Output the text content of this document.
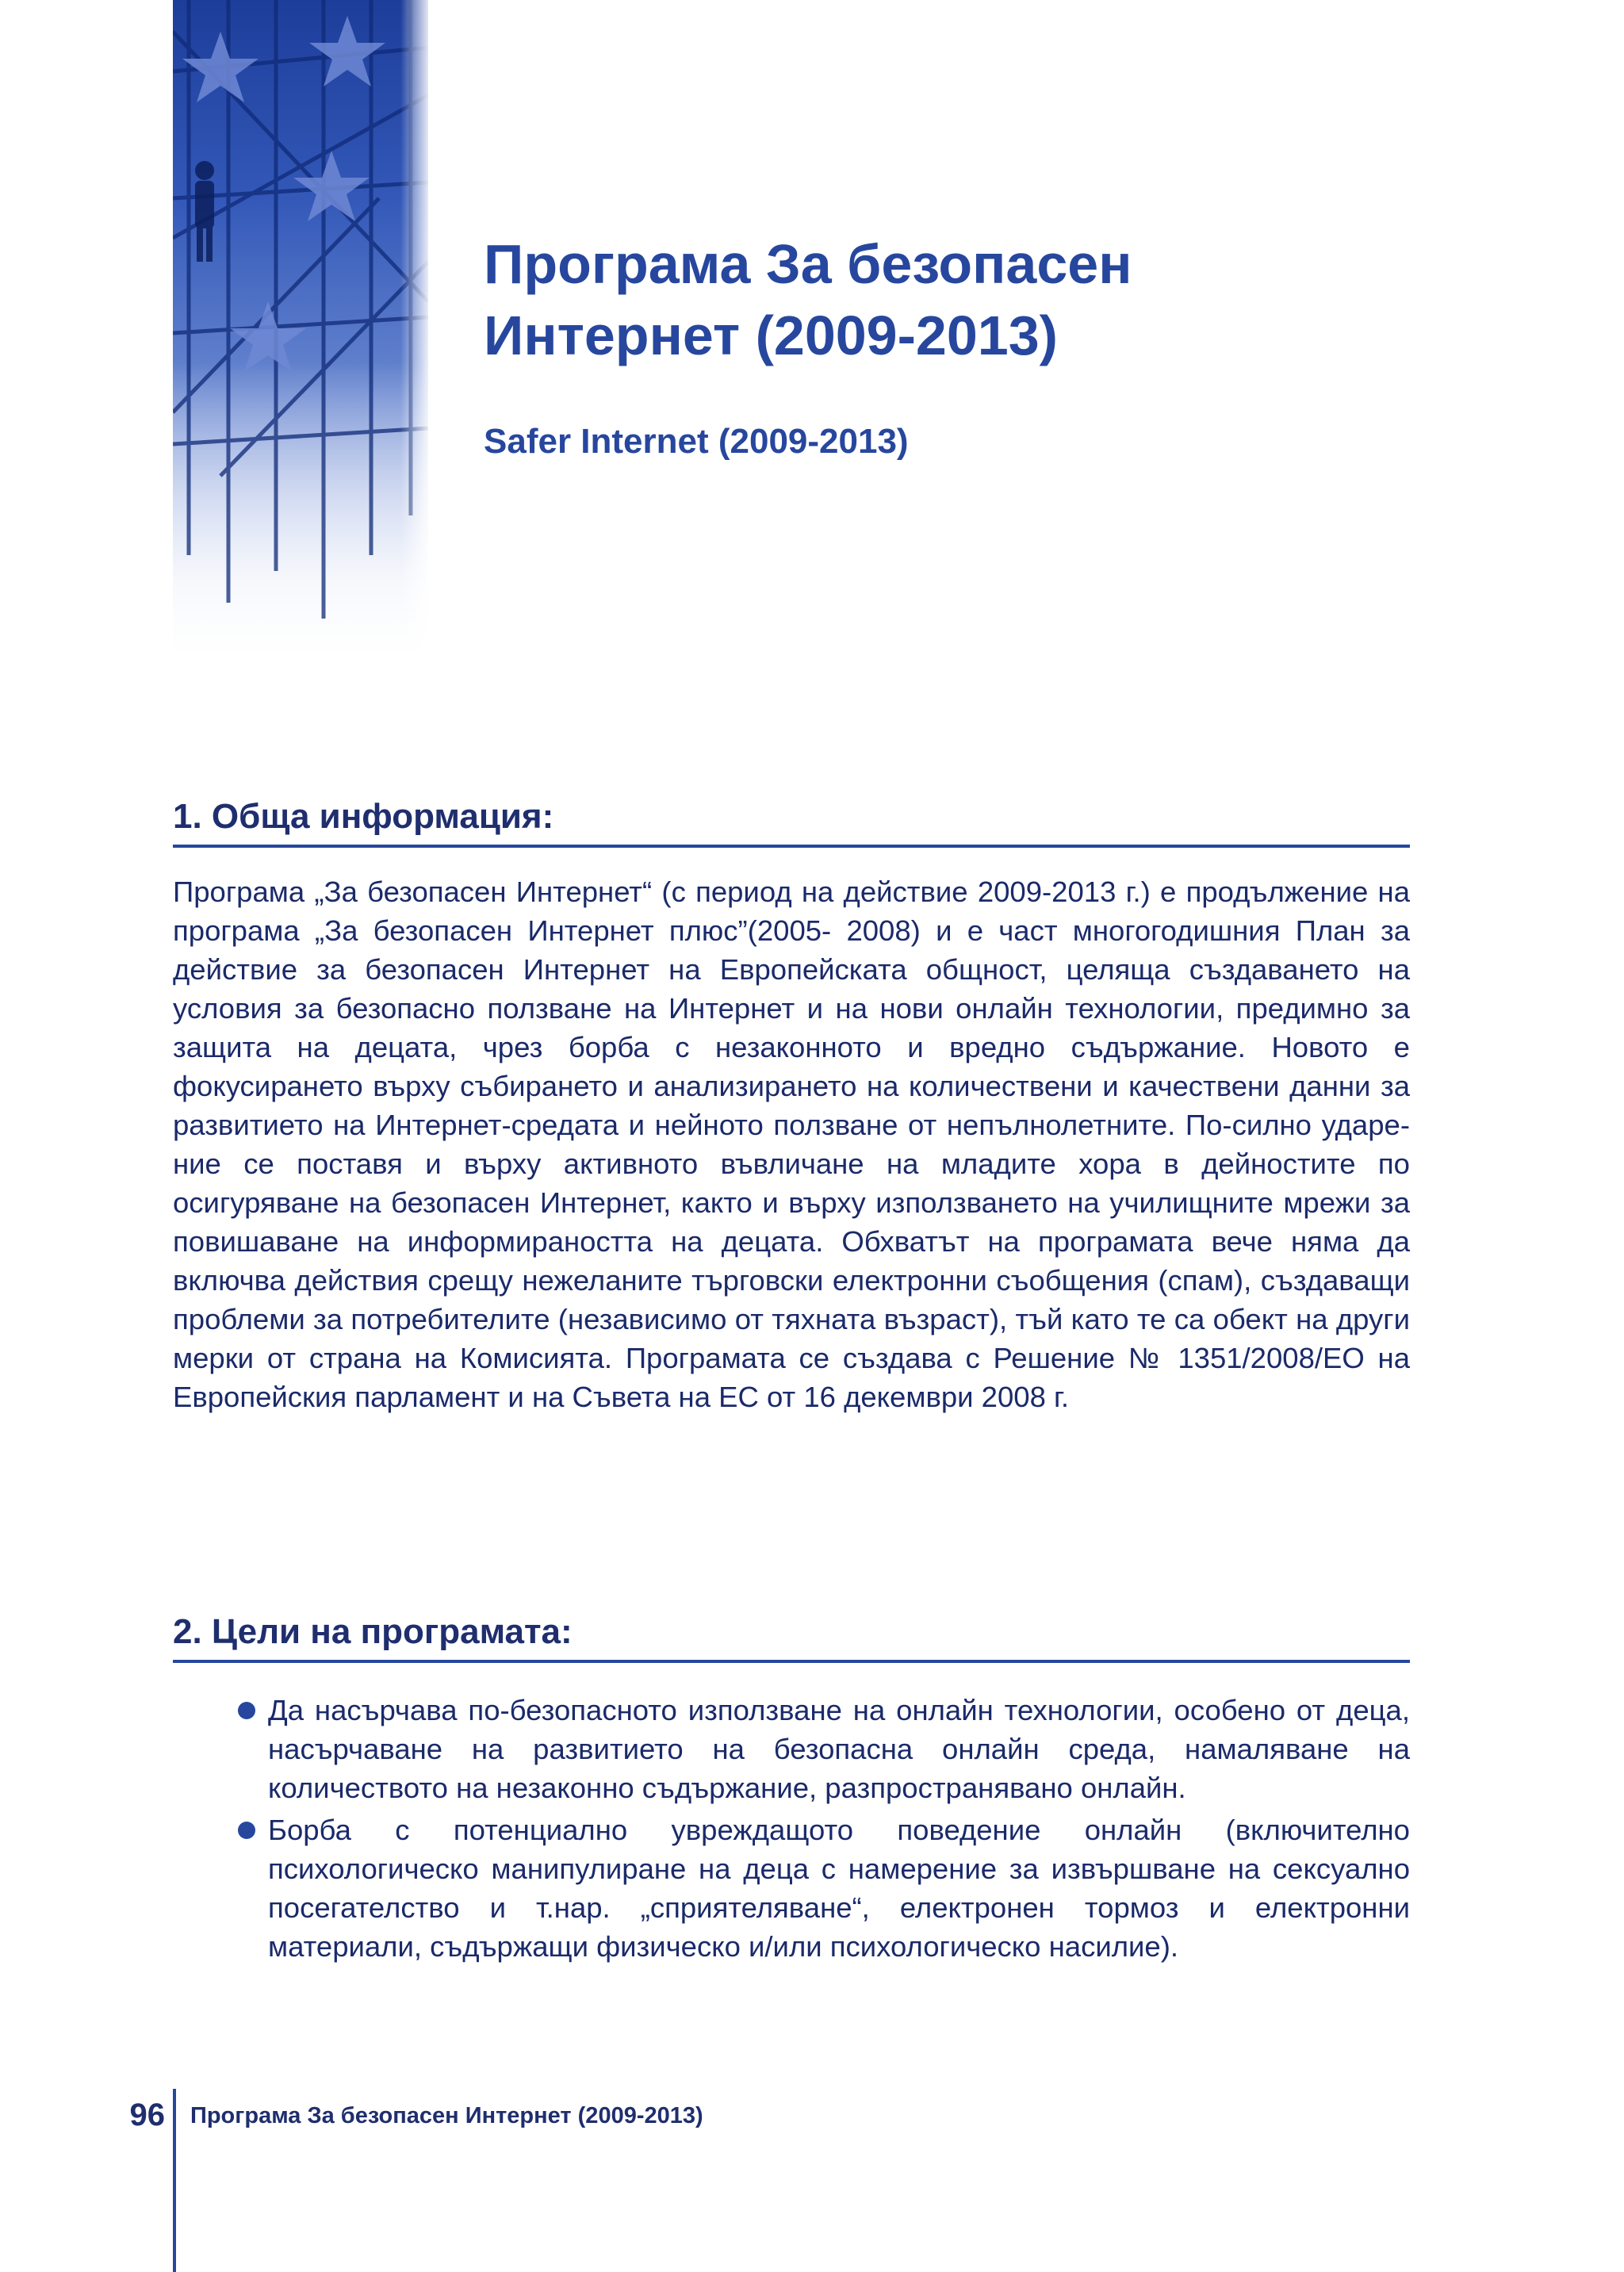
Програма За безопасен
Интернет (2009-2013)

Safer Internet (2009-2013)

1. Обща информация:

Програма „За безопасен Интернет“ (с период на действие 2009-2013 г.) е продължение на програма „За безопасен Интернет плюс”(2005- 2008) и е част многогодишния План за действие за безопасен Интернет на Европейската общност, целяща създаването на условия за безопасно ползване на Интернет и на нови онлайн технологии, предимно за защита на децата, чрез борба с незаконното и вредно съдържание. Новото е фокусирането върху събирането и анализирането на количествени и качествени данни за развитието на Интернет-средата и нейното ползване от непълнолетните. По-силно ударение се поставя и върху активното въвличане на младите хора в дейностите по осигуряване на безопасен Интернет, както и върху използването на училищните мрежи за повишаване на информираността на децата. Обхватът на програмата вече няма да включва действия срещу нежеланите търговски електронни съобщения (спам), създаващи проблеми за потребителите (независимо от тяхната възраст), тъй като те са обект на други мерки от страна на Комисията. Програмата се създава с Решение № 1351/2008/ЕО на Европейския парламент и на Съвета на ЕС от 16 декември 2008 г.

2. Цели на програмата:
Да насърчава по-безопасното използване на онлайн технологии, особено от деца, насърчаване на развитието на безопасна онлайн среда, намаляване на количеството на незаконно съдържание, разпространявано онлайн.
Борба с потенциално увреждащото поведение онлайн (включително психологическо манипулиране на деца с намерение за извършване на сексуално посегателство и т.нар. „сприятеляване“, електронен тормоз и електронни материали, съдържащи физическо и/или психологическо насилие).
96 Програма За безопасен Интернет (2009-2013)
